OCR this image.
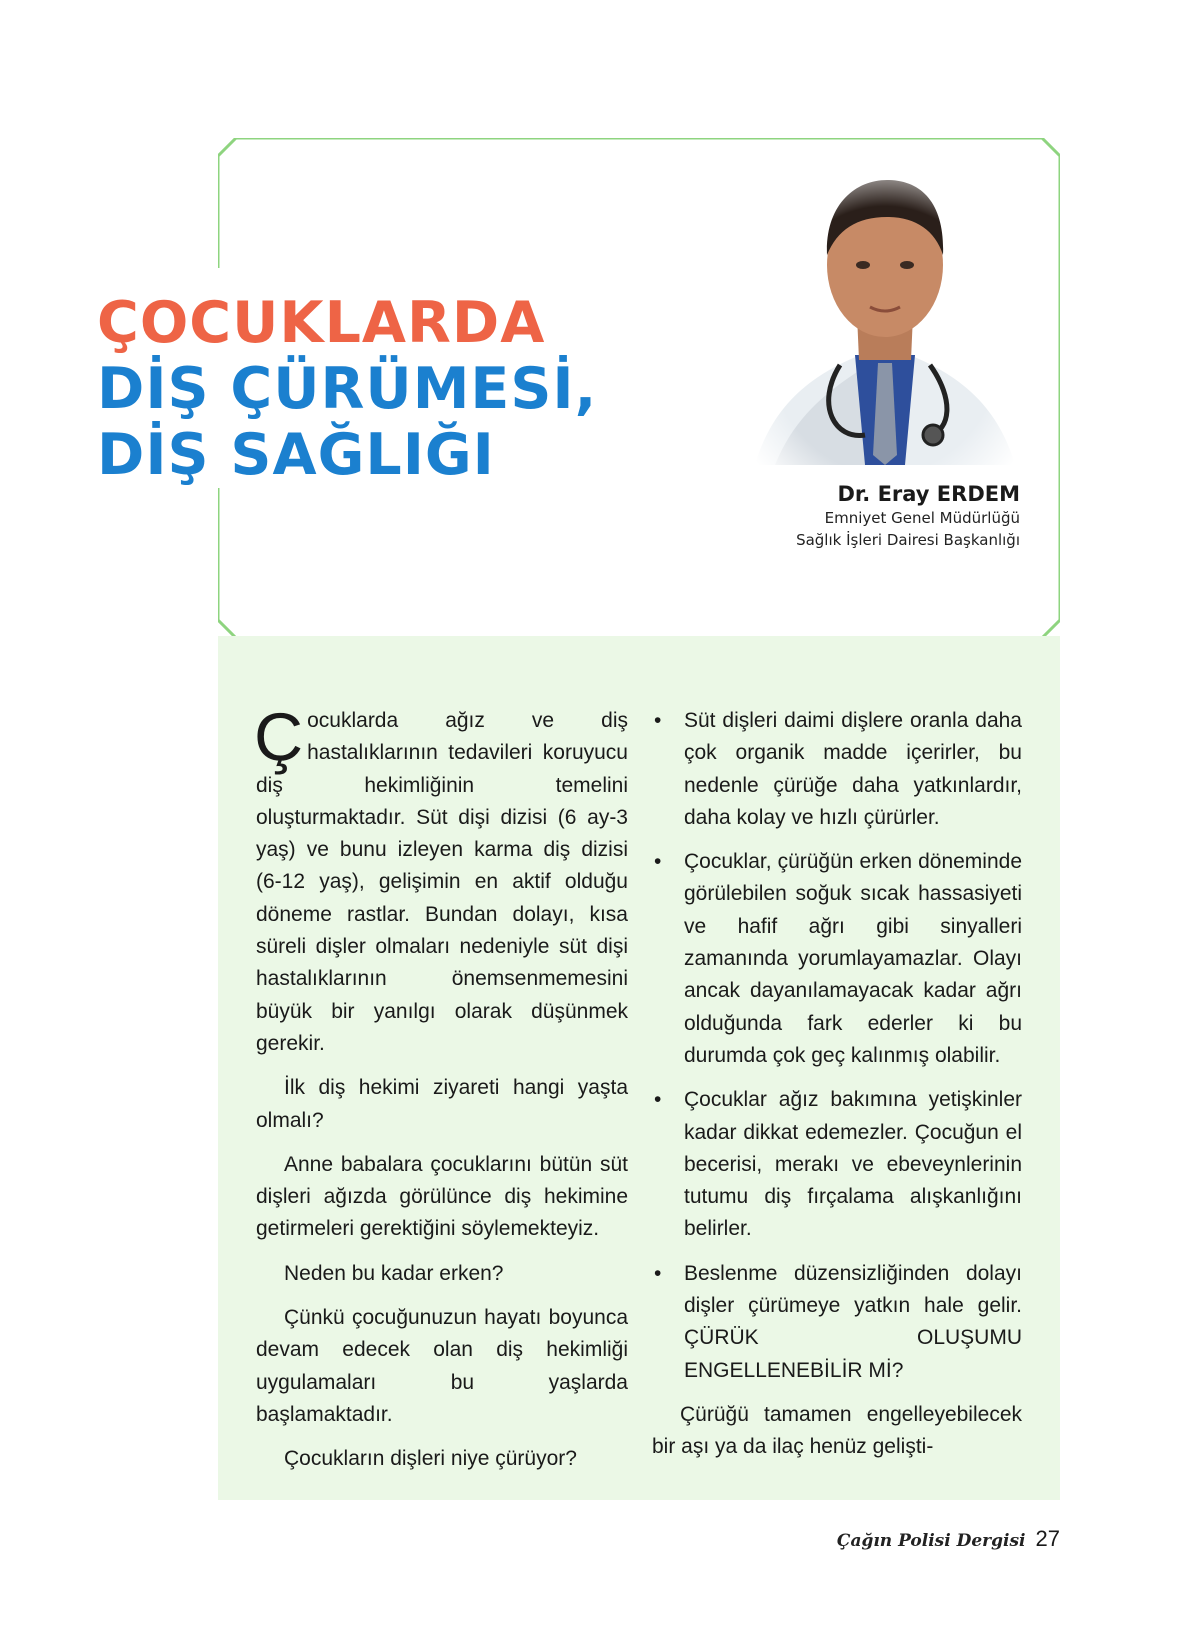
ÇOCUKLARDA
DİŞ ÇÜRÜMESİ,
DİŞ SAĞLIĞI
Dr. Eray ERDEM
Emniyet Genel Müdürlüğü
Sağlık İşleri Dairesi Başkanlığı

Çocuklarda ağız ve diş hastalıklarının tedavileri koruyucu diş hekimliğinin temelini oluşturmaktadır. Süt dişi dizisi (6 ay-3 yaş) ve bunu izleyen karma diş dizisi (6-12 yaş), gelişimin en aktif olduğu döneme rastlar. Bundan dolayı, kısa süreli dişler olmaları nedeniyle süt dişi hastalıklarının önemsenmemesini büyük bir yanılgı olarak düşünmek gerekir.

İlk diş hekimi ziyareti hangi yaşta olmalı?

Anne babalara çocuklarını bütün süt dişleri ağızda görülünce diş hekimine getirmeleri gerektiğini söylemekteyiz.

Neden bu kadar erken?

Çünkü çocuğunuzun hayatı boyunca devam edecek olan diş hekimliği uygulamaları bu yaşlarda başlamaktadır.

Çocukların dişleri niye çürüyor?

• Süt dişleri daimi dişlere oranla daha çok organik madde içerirler, bu nedenle çürüğe daha yatkınlardır, daha kolay ve hızlı çürürler.
• Çocuklar, çürüğün erken döneminde görülebilen soğuk sıcak hassasiyeti ve hafif ağrı gibi sinyalleri zamanında yorumlayamazlar. Olayı ancak dayanılamayacak kadar ağrı olduğunda fark ederler ki bu durumda çok geç kalınmış olabilir.
• Çocuklar ağız bakımına yetişkinler kadar dikkat edemezler. Çocuğun el becerisi, merakı ve ebeveynlerinin tutumu diş fırçalama alışkanlığını belirler.
• Beslenme düzensizliğinden dolayı dişler çürümeye yatkın hale gelir. ÇÜRÜK OLUŞUMU ENGELLENEBİLİR Mİ?

Çürüğü tamamen engelleyebilecek bir aşı ya da ilaç henüz gelişti-

Çağın Polisi Dergisi 27
